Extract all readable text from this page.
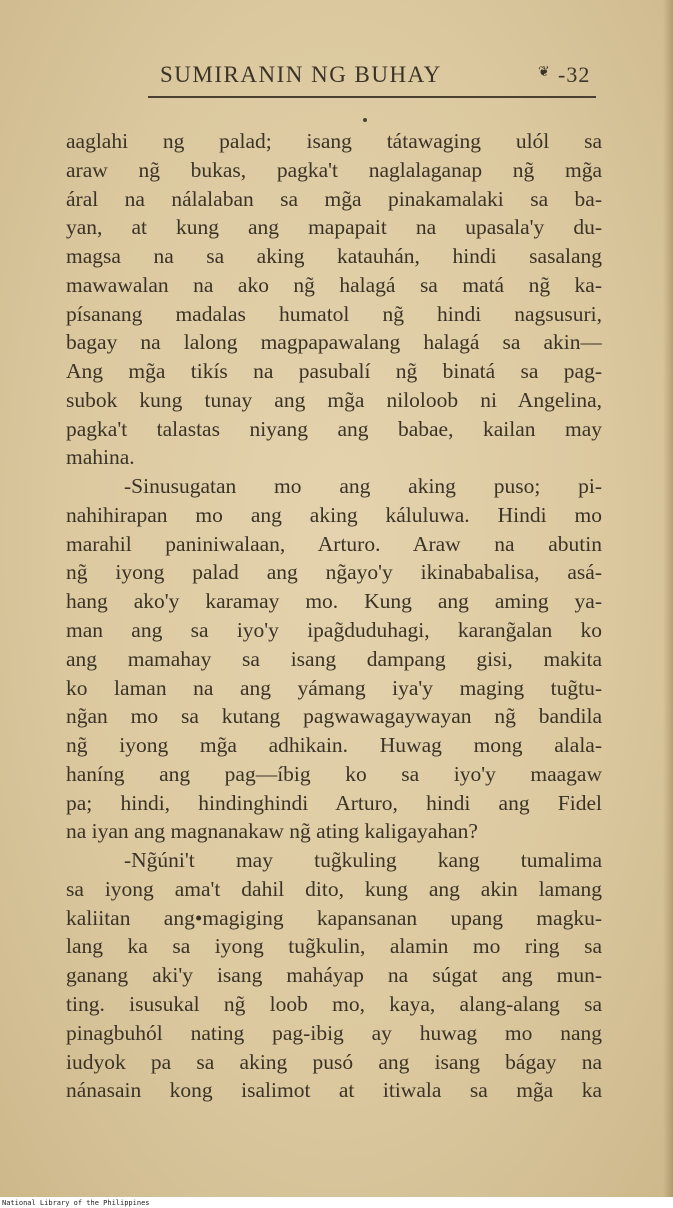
SUMIRANIN NG BUHAY	❦ -32
aaglahi ng palad; isang tátawaging ulól sa
araw ng̃ bukas, pagka't naglalaganap ng̃ mg̃a
áral na nálalaban sa mg̃a pinakamalaki sa ba-
yan, at kung ang mapapait na upasala'y du-
magsa na sa aking katauhán, hindi sasalang
mawawalan na ako ng̃ halagá sa matá ng̃ ka-
písanang madalas humatol ng̃ hindi nagsusuri,
bagay na lalong magpapawalang halagá sa akin—
Ang mg̃a tikís na pasubalí ng̃ binatá sa pag-
subok kung tunay ang mg̃a niloloob ni Angelina,
pagka't talastas niyang ang babae, kailan may
mahina.
-Sinusugatan mo ang aking puso; pi-
nahihirapan mo ang aking káluluwa. Hindi mo
marahil paniniwalaan, Arturo. Araw na abutin
ng̃ iyong palad ang ng̃ayo'y ikinababalisa, asá-
hang ako'y karamay mo. Kung ang aming ya-
man ang sa iyo'y ipag̃duduhagi, karang̃alan ko
ang mamahay sa isang dampang gisi, makita
ko laman na ang yámang iya'y maging tug̃tu-
ng̃an mo sa kutang pagwawagaywayan ng̃ bandila
ng̃ iyong mg̃a adhikain. Huwag mong alala-
haníng ang pag—íbig ko sa iyo'y maagaw
pa; hindi, hindinghindi Arturo, hindi ang Fidel
na iyan ang magnanakaw ng̃ ating kaligayahan?
-Ng̃úni't may tug̃kuling kang tumalima
sa iyong ama't dahil dito, kung ang akin lamang
kaliitan ang•magiging kapansanan upang magku-
lang ka sa iyong tug̃kulin, alamin mo ring sa
ganang aki'y isang maháyap na súgat ang mun-
ting. isusukal ng̃ loob mo, kaya, alang-alang sa
pinagbuhól nating pag-ibig ay huwag mo nang
iudyok pa sa aking pusó ang isang bágay na
nánasain kong isalimot at itiwala sa mg̃a ka
National Library of the Philippines
